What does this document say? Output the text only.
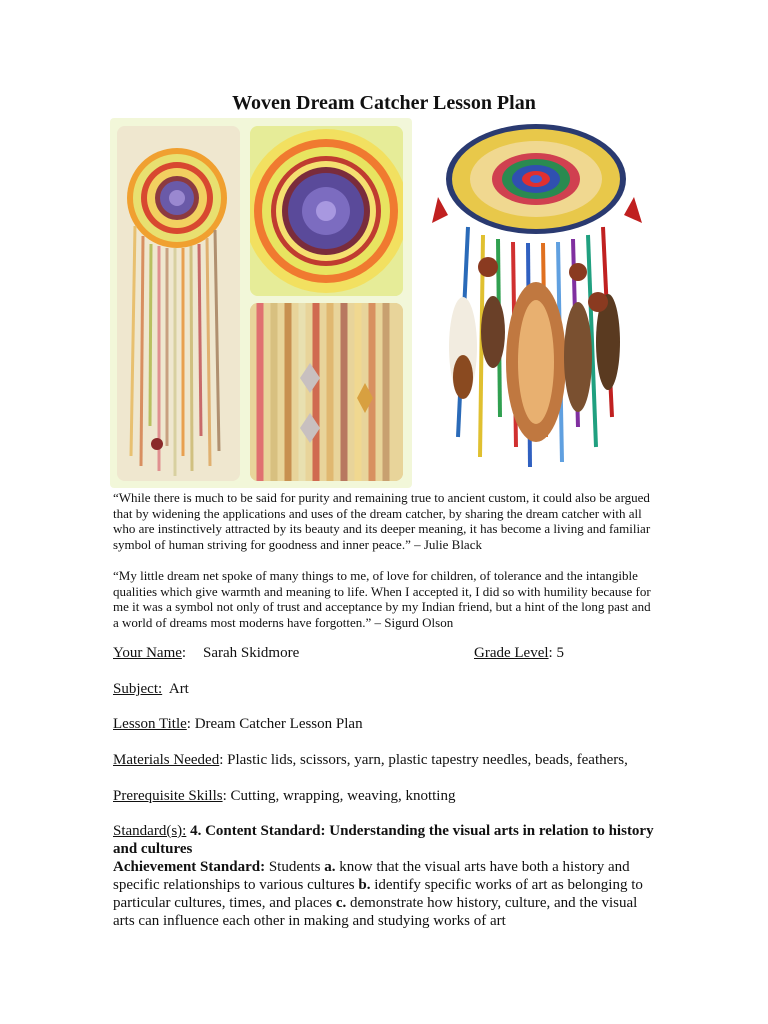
Woven Dream Catcher Lesson Plan
“While there is much to be said for purity and remaining true to ancient custom, it could also be argued that by widening the applications and uses of the dream catcher, by sharing the dream catcher with all who are instinctively attracted by its beauty and its deeper meaning, it has become a living and familiar symbol of human striving for goodness and inner peace.” – Julie Black
“My little dream net spoke of many things to me, of love for children, of tolerance and the intangible qualities which give warmth and meaning to life. When I accepted it, I did so with humility because for me it was a symbol not only of trust and acceptance by my Indian friend, but a hint of the long past and a world of dreams most moderns have forgotten.” – Sigurd Olson
Your Name: Sarah Skidmore	Grade Level: 5
Subject: Art
Lesson Title: Dream Catcher Lesson Plan
Materials Needed: Plastic lids, scissors, yarn, plastic tapestry needles, beads, feathers,
Prerequisite Skills: Cutting, wrapping, weaving, knotting
Standard(s): 4. Content Standard: Understanding the visual arts in relation to history and cultures
Achievement Standard: Students a. know that the visual arts have both a history and specific relationships to various cultures b. identify specific works of art as belonging to particular cultures, times, and places c. demonstrate how history, culture, and the visual arts can influence each other in making and studying works of art
